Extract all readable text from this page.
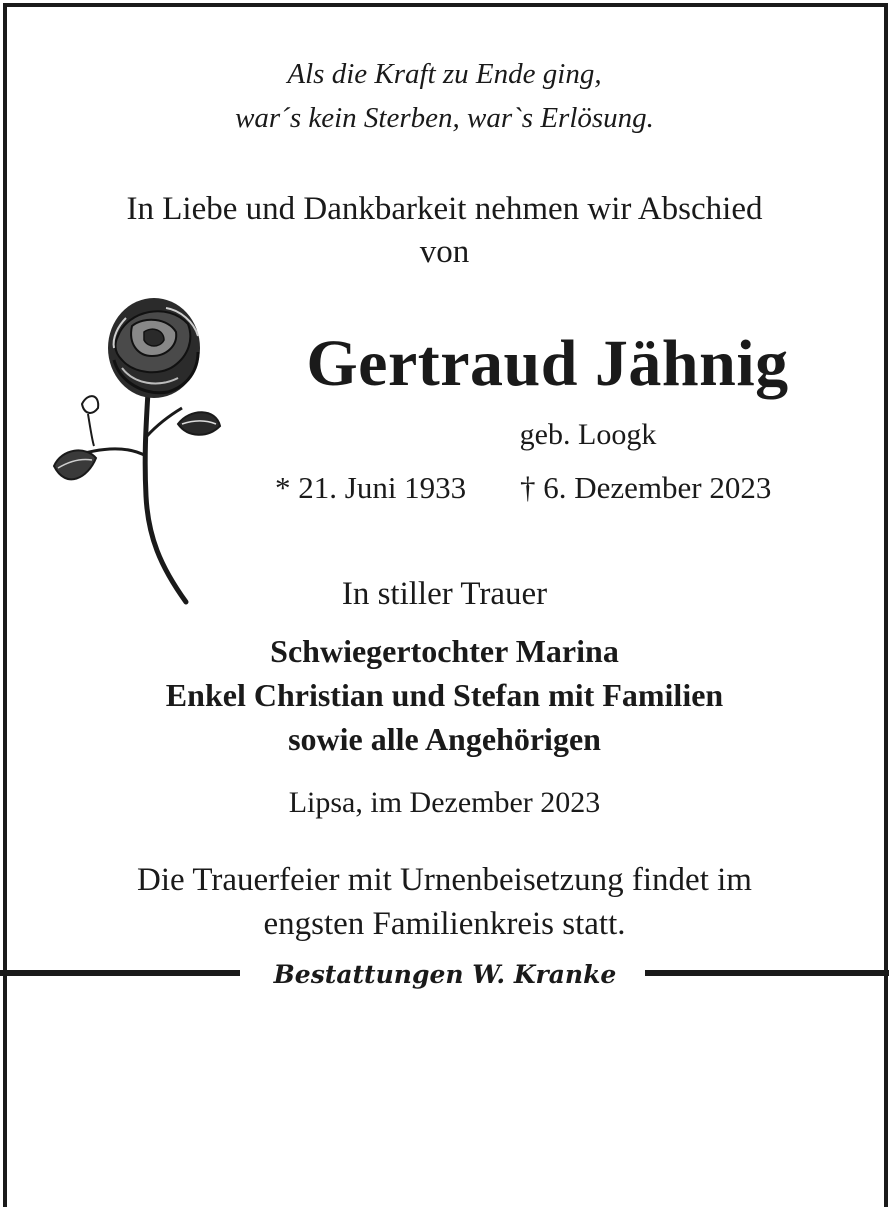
Als die Kraft zu Ende ging,
war´s kein Sterben, war`s Erlösung.
In Liebe und Dankbarkeit nehmen wir Abschied
von
Gertraud Jähnig
geb. Loogk
* 21. Juni 1933	† 6. Dezember 2023
In stiller Trauer
Schwiegertochter Marina
Enkel Christian und Stefan mit Familien
sowie alle Angehörigen
Lipsa, im Dezember 2023
Die Trauerfeier mit Urnenbeisetzung findet im
engsten Familienkreis statt.
Bestattungen W. Kranke
